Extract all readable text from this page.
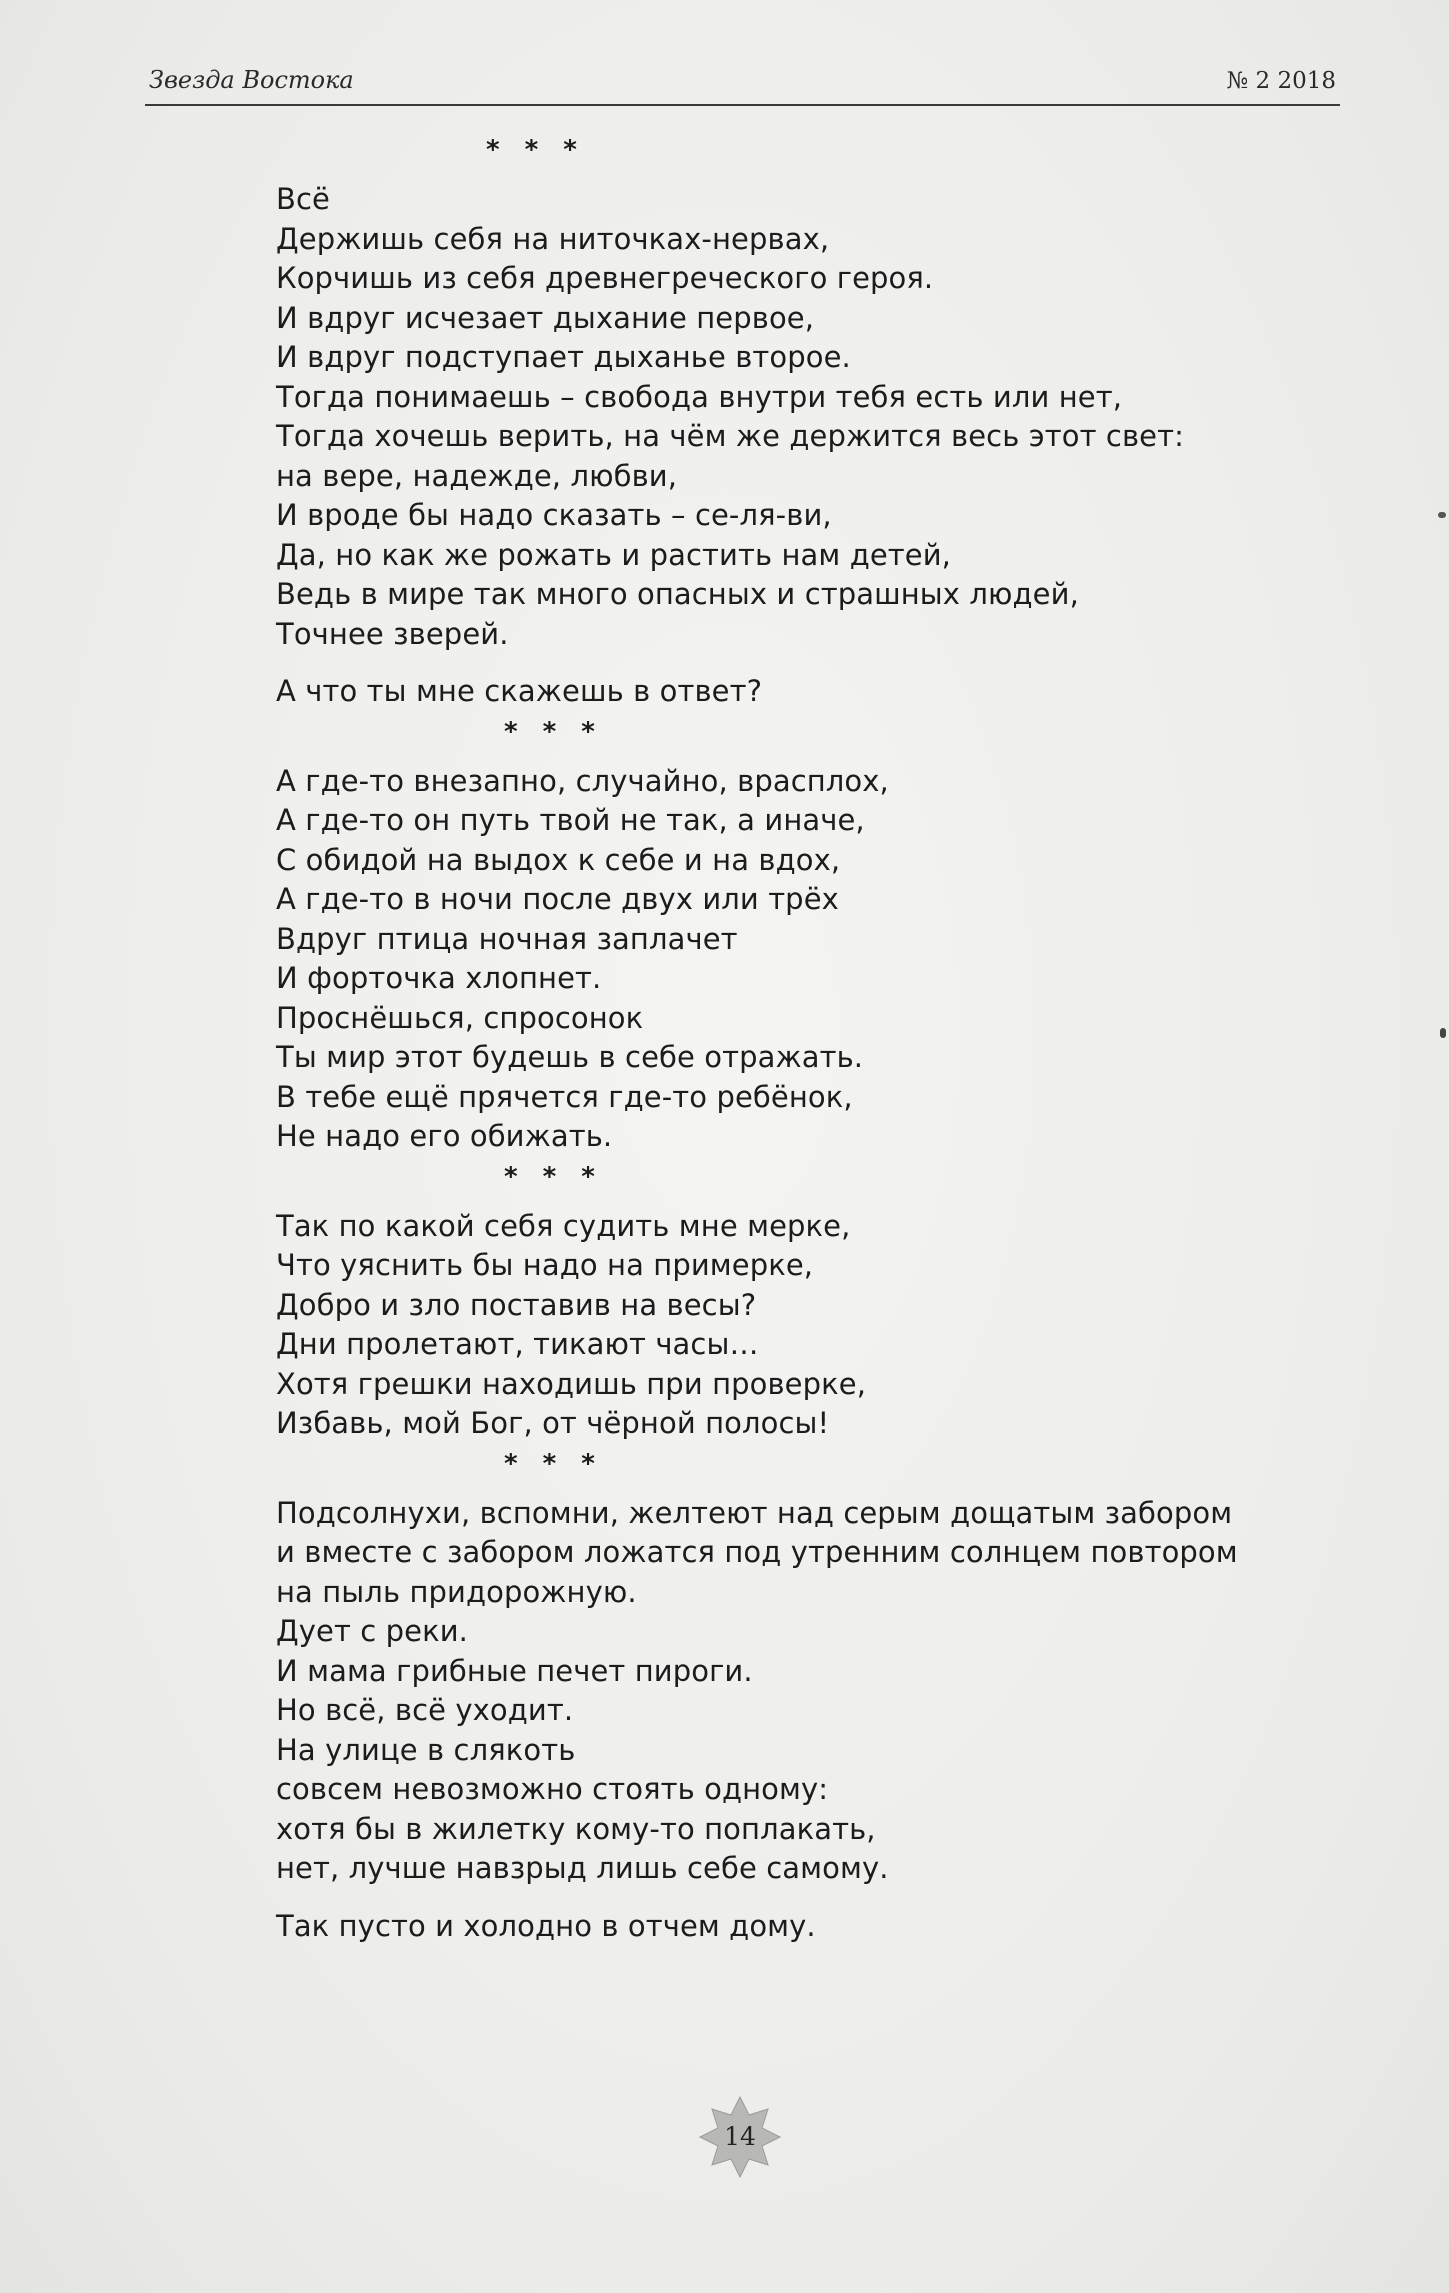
Звезда Востока	№ 2 2018
* * *
Всё
Держишь себя на ниточках-нервах,
Корчишь из себя древнегреческого героя.
И вдруг исчезает дыхание первое,
И вдруг подступает дыханье второе.
Тогда понимаешь – свобода внутри тебя есть или нет,
Тогда хочешь верить, на чём же держится весь этот свет:
на вере, надежде, любви,
И вроде бы надо сказать – се-ля-ви,
Да, но как же рожать и растить нам детей,
Ведь в мире так много опасных и страшных людей,
Точнее зверей.
А что ты мне скажешь в ответ?
* * *
А где-то внезапно, случайно, врасплох,
А где-то он путь твой не так, а иначе,
С обидой на выдох к себе и на вдох,
А где-то в ночи после двух или трёх
Вдруг птица ночная заплачет
И форточка хлопнет.
Проснёшься, спросонок
Ты мир этот будешь в себе отражать.
В тебе ещё прячется где-то ребёнок,
Не надо его обижать.
* * *
Так по какой себя судить мне мерке,
Что уяснить бы надо на примерке,
Добро и зло поставив на весы?
Дни пролетают, тикают часы…
Хотя грешки находишь при проверке,
Избавь, мой Бог, от чёрной полосы!
* * *
Подсолнухи, вспомни, желтеют над серым дощатым забором
и вместе с забором ложатся под утренним солнцем повтором
на пыль придорожную.
Дует с реки.
И мама грибные печет пироги.
Но всё, всё уходит.
На улице в слякоть
совсем невозможно стоять одному:
хотя бы в жилетку кому-то поплакать,
нет, лучше навзрыд лишь себе самому.
Так пусто и холодно в отчем дому.
14
